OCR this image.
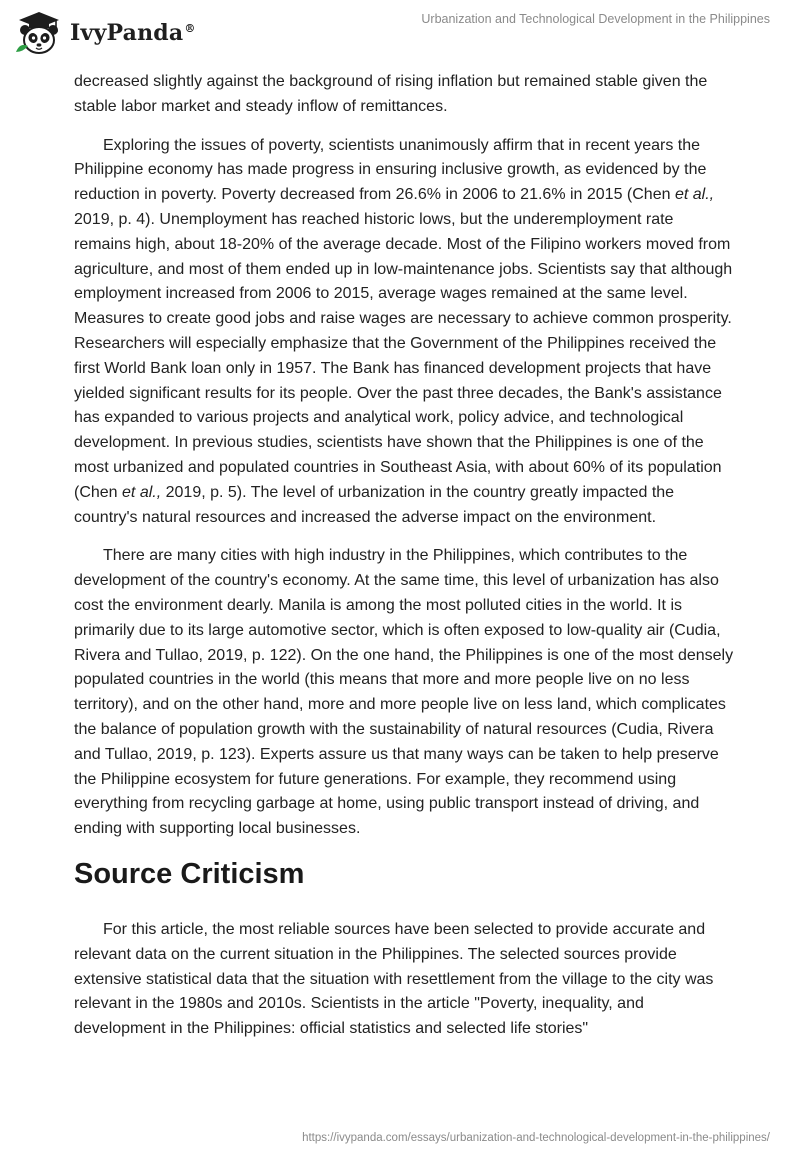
IvyPanda®
Urbanization and Technological Development in the Philippines

decreased slightly against the background of rising inflation but remained stable given the stable labor market and steady inflow of remittances.

Exploring the issues of poverty, scientists unanimously affirm that in recent years the Philippine economy has made progress in ensuring inclusive growth, as evidenced by the reduction in poverty. Poverty decreased from 26.6% in 2006 to 21.6% in 2015 (Chen et al., 2019, p. 4). Unemployment has reached historic lows, but the underemployment rate remains high, about 18-20% of the average decade. Most of the Filipino workers moved from agriculture, and most of them ended up in low-maintenance jobs. Scientists say that although employment increased from 2006 to 2015, average wages remained at the same level. Measures to create good jobs and raise wages are necessary to achieve common prosperity. Researchers will especially emphasize that the Government of the Philippines received the first World Bank loan only in 1957. The Bank has financed development projects that have yielded significant results for its people. Over the past three decades, the Bank's assistance has expanded to various projects and analytical work, policy advice, and technological development. In previous studies, scientists have shown that the Philippines is one of the most urbanized and populated countries in Southeast Asia, with about 60% of its population (Chen et al., 2019, p. 5). The level of urbanization in the country greatly impacted the country's natural resources and increased the adverse impact on the environment.

There are many cities with high industry in the Philippines, which contributes to the development of the country's economy. At the same time, this level of urbanization has also cost the environment dearly. Manila is among the most polluted cities in the world. It is primarily due to its large automotive sector, which is often exposed to low-quality air (Cudia, Rivera and Tullao, 2019, p. 122). On the one hand, the Philippines is one of the most densely populated countries in the world (this means that more and more people live on no less territory), and on the other hand, more and more people live on less land, which complicates the balance of population growth with the sustainability of natural resources (Cudia, Rivera and Tullao, 2019, p. 123). Experts assure us that many ways can be taken to help preserve the Philippine ecosystem for future generations. For example, they recommend using everything from recycling garbage at home, using public transport instead of driving, and ending with supporting local businesses.

Source Criticism

For this article, the most reliable sources have been selected to provide accurate and relevant data on the current situation in the Philippines. The selected sources provide extensive statistical data that the situation with resettlement from the village to the city was relevant in the 1980s and 2010s. Scientists in the article "Poverty, inequality, and development in the Philippines: official statistics and selected life stories"

https://ivypanda.com/essays/urbanization-and-technological-development-in-the-philippines/
